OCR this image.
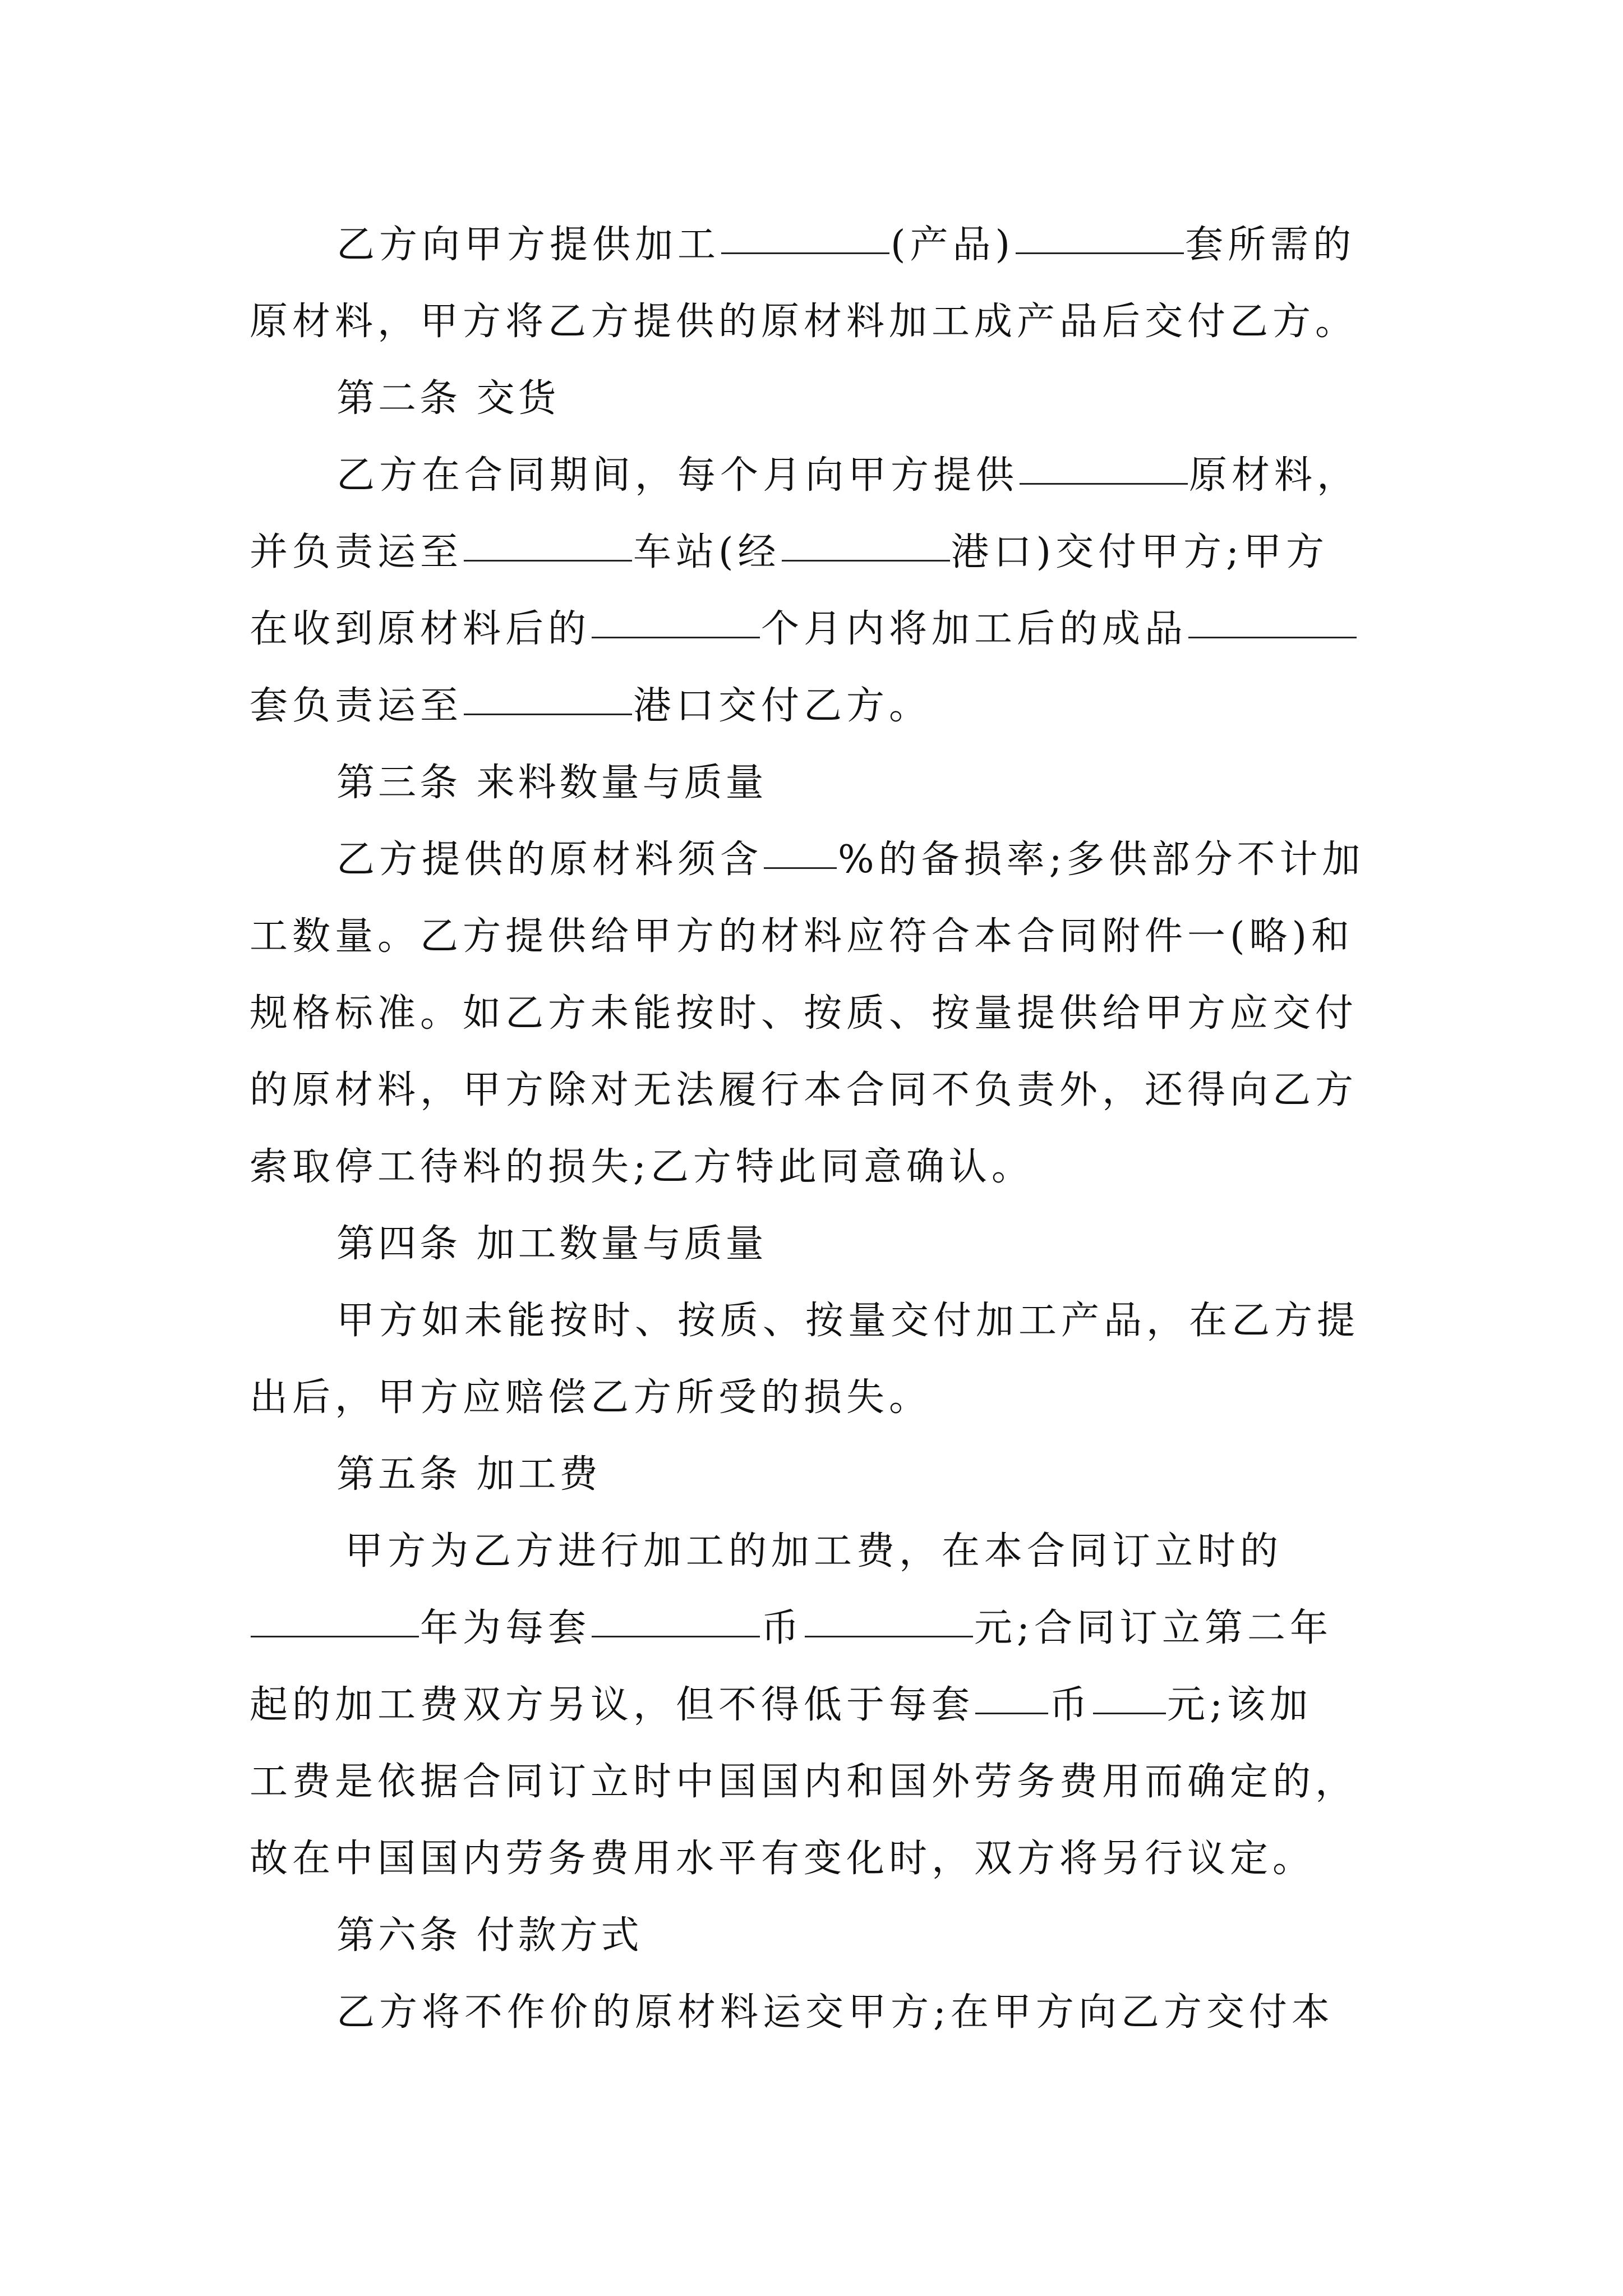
乙方向甲方提供加工	(产品)	套所需的
原材料，甲方将乙方提供的原材料加工成产品后交付乙方。
第二条 交货
乙方在合同期间，每个月向甲方提供	原材料，
并负责运至	车站(经	港口)交付甲方;甲方
在收到原材料后的	个月内将加工后的成品
套负责运至	港口交付乙方。
第三条 来料数量与质量
乙方提供的原材料须含 %的备损率;多供部分不计加
工数量。乙方提供给甲方的材料应符合本合同附件一(略)和
规格标准。如乙方未能按时、按质、按量提供给甲方应交付
的原材料，甲方除对无法履行本合同不负责外，还得向乙方
索取停工待料的损失;乙方特此同意确认。
第四条 加工数量与质量
甲方如未能按时、按质、按量交付加工产品，在乙方提
出后，甲方应赔偿乙方所受的损失。
第五条 加工费
甲方为乙方进行加工的加工费，在本合同订立时的
年为每套	币	元;合同订立第二年
起的加工费双方另议，但不得低于每套 币 元;该加
工费是依据合同订立时中国国内和国外劳务费用而确定的，
故在中国国内劳务费用水平有变化时，双方将另行议定。
第六条 付款方式
乙方将不作价的原材料运交甲方;在甲方向乙方交付本
